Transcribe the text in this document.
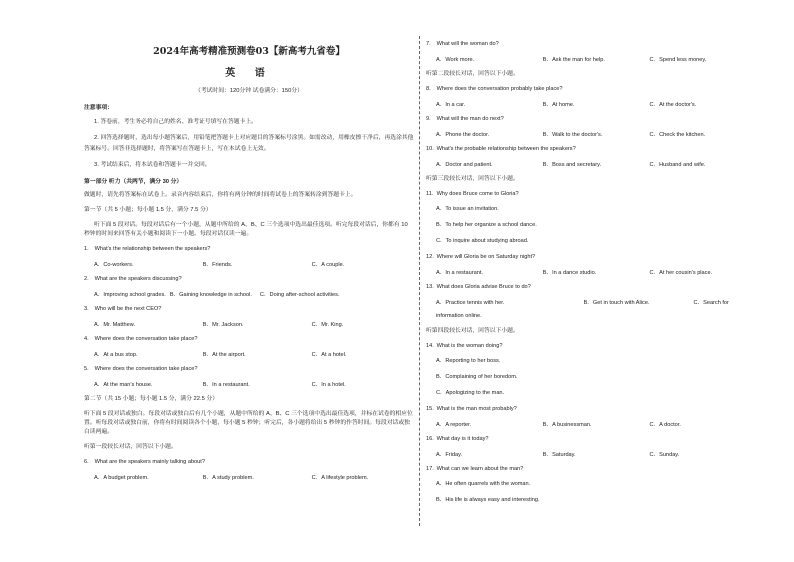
2024年高考精准预测卷03【新高考九省卷】
英 语
（考试时间：120分钟 试卷满分：150分）
注意事项：
1. 答卷前，考生务必将自己的姓名、准考证号填写在答题卡上。
2. 回答选择题时，选出每小题答案后，用铅笔把答题卡上对应题目的答案标号涂黑。如需改动，用橡皮擦干净后，再选涂其他答案标号。回答非选择题时，将答案写在答题卡上，写在本试卷上无效。
3. 考试结束后，将本试卷和答题卡一并交回。
第一部分 听力（共两节，满分 30 分）
做题时，请先将答案标在试卷上。录音内容结束后，你将有两分钟的时间将试卷上的答案转涂到答题卡上。
第一节（共 5 小题；每小题 1.5 分，满分 7.5 分）
听下面 5 段对话。每段对话后有一个小题，从题中所给的 A、B、C 三个选项中选出最佳选项。听完每段对话后，你都有 10 秒钟的时间来回答有关小题和阅读下一小题。每段对话仅读一遍。
1. What's the relationship between the speakers?
A．Co-workers.	B．Friends.	C．A couple.
2. What are the speakers discussing?
A．Improving school grades. B．Gaining knowledge in school. C．Doing after-school activities.
3. Who will be the next CEO?
A．Mr. Matthew.	B．Mr. Jackson.	C．Mr. King.
4. Where does the conversation take place?
A．At a bus stop.	B．At the airport.	C．At a hotel.
5. Where does the conversation take place?
A．At the man's house.	B．In a restaurant.	C．In a hotel.
第二节（共 15 小题；每小题 1.5 分，满分 22.5 分）
听下面 5 段对话或独白。每段对话或独白后有几个小题，从题中所给的 A、B、C 三个选项中选出最佳选项，并标在试卷的相应位置。听每段对话或独白前，你将有时间阅读各个小题，每小题 5 秒钟；听完后，各小题将给出 5 秒钟的作答时间。每段对话或独白读两遍。
听第一段较长对话，回答以下小题。
6. What are the speakers mainly talking about?
A．A budget problem.	B．A study problem.	C．A lifestyle problem.
7. What will the woman do?
A．Work more.	B．Ask the man for help.	C．Spend less money.
听第二段较长对话，回答以下小题。
8. Where does the conversation probably take place?
A．In a car.	B．At home.	C．At the doctor's.
9. What will the man do next?
A．Phone the doctor.	B．Walk to the doctor's.	C．Check the kitchen.
10. What's the probable relationship between the speakers?
A．Doctor and patient.	B．Boss and secretary.	C．Husband and wife.
听第三段较长对话，回答以下小题。
11. Why does Bruce come to Gloria?
A．To issue an invitation.
B．To help her organize a school dance.
C．To inquire about studying abroad.
12. Where will Gloria be on Saturday night?
A．In a restaurant.	B．In a dance studio.	C．At her cousin's place.
13. What does Gloria advise Bruce to do?
A．Practice tennis with her.	B．Get in touch with Alice.	C．Search for
information online.
听第四段较长对话，回答以下小题。
14. What is the woman doing?
A．Reporting to her boss.
B．Complaining of her boredom.
C．Apologizing to the man.
15. What is the man most probably?
A．A reporter.	B．A businessman.	C．A doctor.
16. What day is it today?
A．Friday.	B．Saturday.	C．Sunday.
17. What can we learn about the man?
A．He often quarrels with the woman.
B．His life is always easy and interesting.
